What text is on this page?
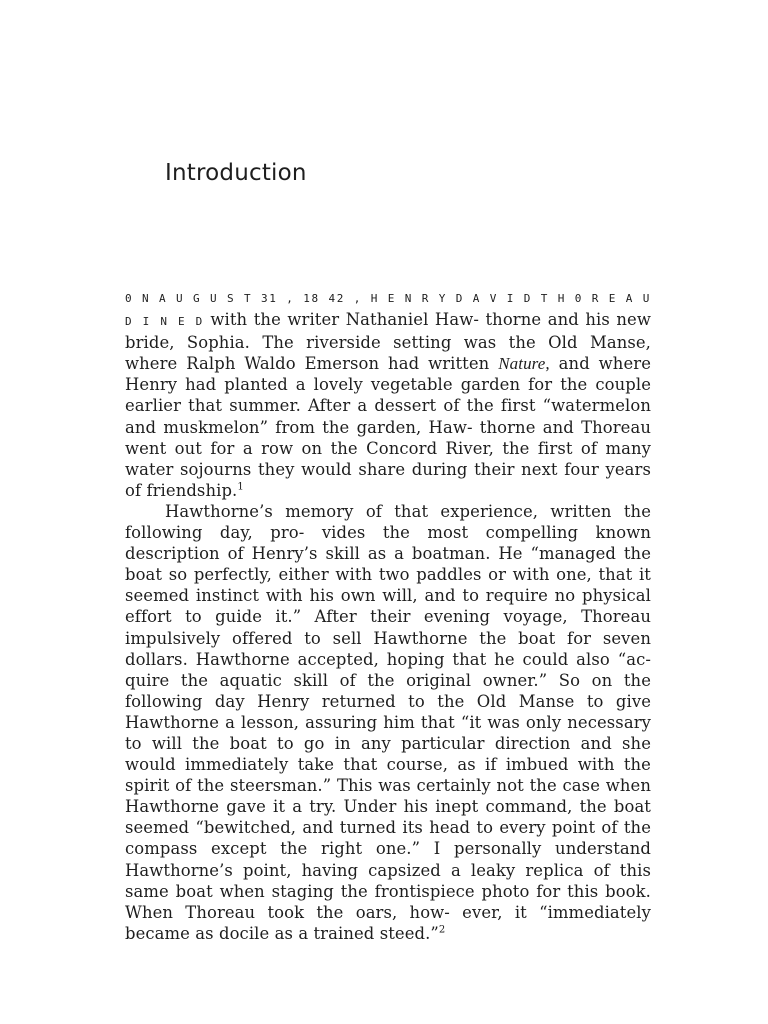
Introduction

0 N A U G U S T 31 , 18 42 , H E N R Y D A V I D T H 0 R E A U D I N E D with the writer Nathaniel Haw- thorne and his new bride, Sophia. The riverside setting was the Old Manse, where Ralph Waldo Emerson had written Nature, and where Henry had planted a lovely vegetable garden for the couple earlier that summer. After a dessert of the first “watermelon and muskmelon” from the garden, Haw- thorne and Thoreau went out for a row on the Concord River, the first of many water sojourns they would share during their next four years of friendship.$^1$

Hawthorne’s memory of that experience, written the following day, pro- vides the most compelling known description of Henry’s skill as a boatman. He “managed the boat so perfectly, either with two paddles or with one, that it seemed instinct with his own will, and to require no physical effort to guide it.” After their evening voyage, Thoreau impulsively offered to sell Hawthorne the boat for seven dollars. Hawthorne accepted, hoping that he could also “ac- quire the aquatic skill of the original owner.” So on the following day Henry returned to the Old Manse to give Hawthorne a lesson, assuring him that “it was only necessary to will the boat to go in any particular direction and she would immediately take that course, as if imbued with the spirit of the steersman.” This was certainly not the case when Hawthorne gave it a try. Under his inept command, the boat seemed “bewitched, and turned its head to every point of the compass except the right one.” I personally understand Hawthorne’s point, having capsized a leaky replica of this same boat when staging the frontispiece photo for this book. When Thoreau took the oars, how- ever, it “immediately became as docile as a trained steed.”$^2$
